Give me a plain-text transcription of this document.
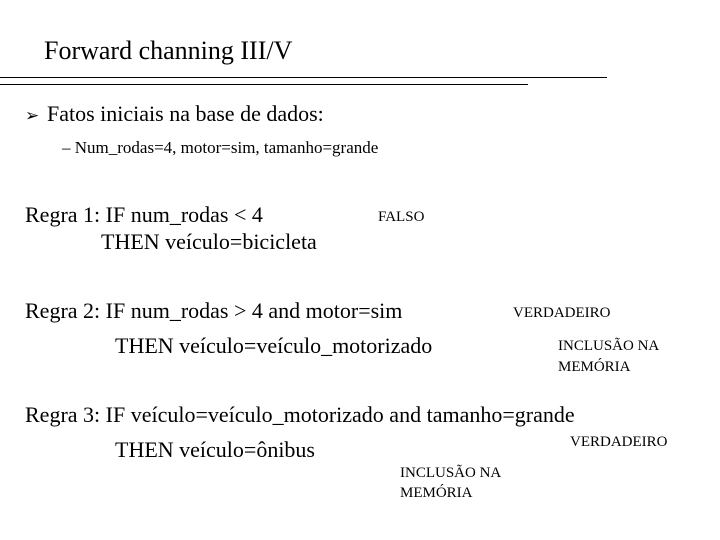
Forward channing III/V
➢ Fatos iniciais na base de dados:
– Num_rodas=4, motor=sim, tamanho=grande
Regra 1: IF num_rodas < 4
THEN veículo=bicicleta
FALSO
Regra 2: IF num_rodas > 4 and motor=sim
THEN veículo=veículo_motorizado
VERDADEIRO
INCLUSÃO NA
MEMÓRIA
Regra 3: IF veículo=veículo_motorizado and tamanho=grande
THEN veículo=ônibus	VERDADEIRO
INCLUSÃO NA
MEMÓRIA
